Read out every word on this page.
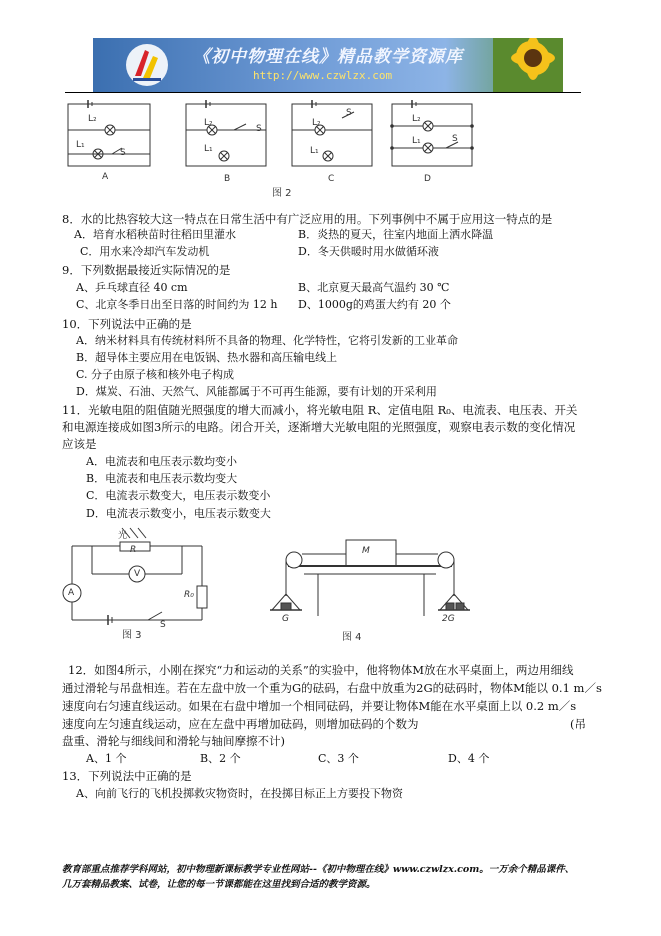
《初中物理在线》精品教学资源库
http://www.czwlzx.com
L₂
L₁
S
A
L₂
L₁
S
B
L₂
L₁
S
C
L₂
L₁	S
D
图 2
8．水的比热容较大这一特点在日常生活中有广泛应用的用。下列事例中不属于应用这一特点的是
A．培育水稻秧苗时往稻田里灌水	B．炎热的夏天，往室内地面上洒水降温
C．用水来冷却汽车发动机	D．冬天供暖时用水做循环液
9．下列数据最接近实际情况的是
A、乒乓球直径 40 cm	B、北京夏天最高气温约 30 ℃
C、北京冬季日出至日落的时间约为 12 h D、1000g的鸡蛋大约有 20 个
10．下列说法中正确的是
A．纳米材料具有传统材料所不具备的物理、化学特性，它将引发新的工业革命
B．超导体主要应用在电饭锅、热水器和高压输电线上
C. 分子由原子核和核外电子构成
D．煤炭、石油、天然气、风能都属于不可再生能源，要有计划的开采利用
11．光敏电阻的阻值随光照强度的增大而减小，将光敏电阻 R、定值电阻 R₀、电流表、电压表、开关
和电源连接成如图3所示的电路。闭合开关，逐渐增大光敏电阻的光照强度，观察电表示数的变化情况
应该是
A．电流表和电压表示数均变小
B．电流表和电压表示数均变大
C．电流表示数变大，电压表示数变小
D．电流表示数变小，电压表示数变大
光
R
A
V
R₀
S
图 3
M
G	2G
图 4
12．如图4所示，小刚在探究“力和运动的关系”的实验中，他将物体M放在水平桌面上，两边用细线
通过滑轮与吊盘相连。若在左盘中放一个重为G的砝码，右盘中放重为2G的砝码时，物体M能以 0.1 m／s
速度向右匀速直线运动。如果在右盘中增加一个相同砝码，并要让物体M能在水平桌面上以 0.2 m／s
速度向左匀速直线运动，应在左盘中再增加砝码，则增加砝码的个数为	(吊
盘重、滑轮与细线间和滑轮与轴间摩擦不计)
A、1 个	B、2 个	C、3 个	D、4 个
13．下列说法中正确的是
A、向前飞行的飞机投掷救灾物资时，在投掷目标正上方要投下物资
教育部重点推荐学科网站，初中物理新课标教学专业性网站--《初中物理在线》www.czwlzx.com。一万余个精品课件、
几万套精品教案、试卷，让您的每一节课都能在这里找到合适的教学资源。
